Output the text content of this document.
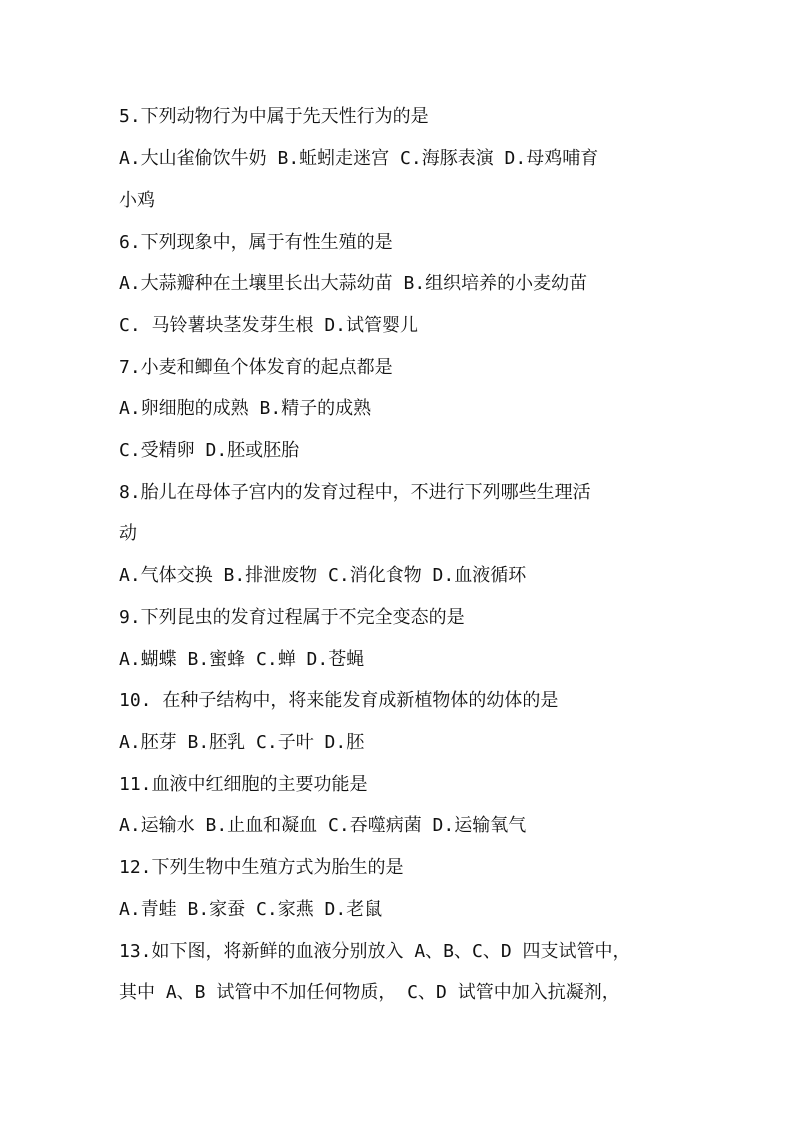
5.下列动物行为中属于先天性行为的是
A.大山雀偷饮牛奶 B.蚯蚓走迷宫 C.海豚表演 D.母鸡哺育
小鸡
6.下列现象中，属于有性生殖的是
A.大蒜瓣种在土壤里长出大蒜幼苗 B.组织培养的小麦幼苗
C. 马铃薯块茎发芽生根 D.试管婴儿
7.小麦和鲫鱼个体发育的起点都是
A.卵细胞的成熟 B.精子的成熟
C.受精卵 D.胚或胚胎
8.胎儿在母体子宫内的发育过程中，不进行下列哪些生理活
动
A.气体交换 B.排泄废物 C.消化食物 D.血液循环
9.下列昆虫的发育过程属于不完全变态的是
A.蝴蝶 B.蜜蜂 C.蝉 D.苍蝇
10. 在种子结构中，将来能发育成新植物体的幼体的是
A.胚芽 B.胚乳 C.子叶 D.胚
11.血液中红细胞的主要功能是
A.运输水 B.止血和凝血 C.吞噬病菌 D.运输氧气
12.下列生物中生殖方式为胎生的是
A.青蛙 B.家蚕 C.家燕 D.老鼠
13.如下图，将新鲜的血液分别放入 A、B、C、D 四支试管中，
其中 A、B 试管中不加任何物质， C、D 试管中加入抗凝剂，
